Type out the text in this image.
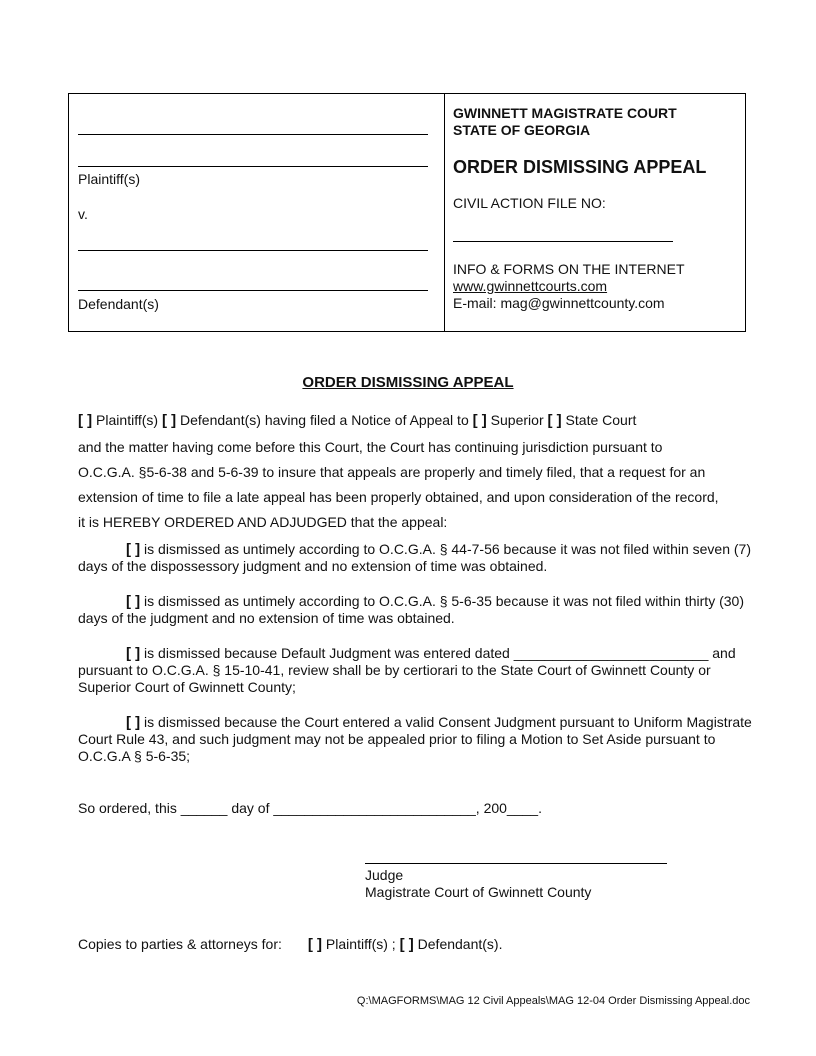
Plaintiff(s)
v.
Defendant(s)
GWINNETT MAGISTRATE COURT
STATE OF GEORGIA
ORDER DISMISSING APPEAL
CIVIL ACTION FILE NO:
INFO & FORMS ON THE INTERNET
www.gwinnettcourts.com
E-mail: mag@gwinnettcounty.com
ORDER DISMISSING APPEAL
[ ] Plaintiff(s) [ ] Defendant(s) having filed a Notice of Appeal to [ ] Superior [ ] State Court
and the matter having come before this Court, the Court has continuing jurisdiction pursuant to
O.C.G.A. §5-6-38 and 5-6-39 to insure that appeals are properly and timely filed, that a request for an
extension of time to file a late appeal has been properly obtained, and upon consideration of the record,
it is HEREBY ORDERED AND ADJUDGED that the appeal:
[ ] is dismissed as untimely according to O.C.G.A. § 44-7-56 because it was not filed within seven (7) days of the dispossessory judgment and no extension of time was obtained.
[ ] is dismissed as untimely according to O.C.G.A. § 5-6-35 because it was not filed within thirty (30) days of the judgment and no extension of time was obtained.
[ ] is dismissed because Default Judgment was entered dated _________________________ and pursuant to O.C.G.A. § 15-10-41, review shall be by certiorari to the State Court of Gwinnett County or Superior Court of Gwinnett County;
[ ] is dismissed because the Court entered a valid Consent Judgment pursuant to Uniform Magistrate Court Rule 43, and such judgment may not be appealed prior to filing a Motion to Set Aside pursuant to O.C.G.A § 5-6-35;
So ordered, this ______ day of __________________________, 200____.
Judge
Magistrate Court of Gwinnett County
Copies to parties & attorneys for: [ ] Plaintiff(s) ; [ ] Defendant(s).
Q:\MAGFORMS\MAG 12 Civil Appeals\MAG 12-04 Order Dismissing Appeal.doc
